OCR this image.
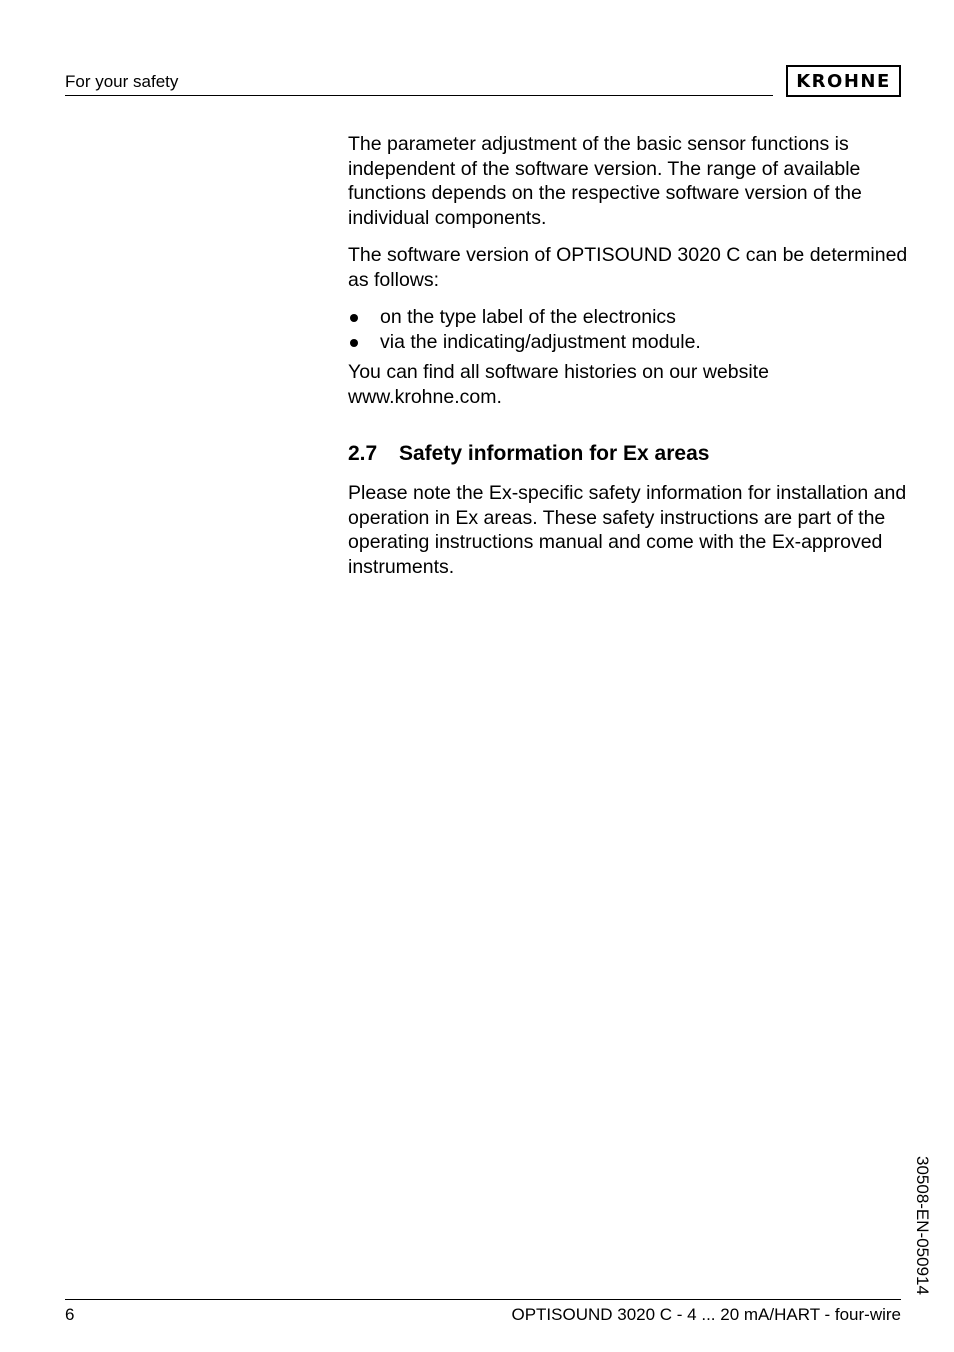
For your safety	KROHNE

The parameter adjustment of the basic sensor functions is independent of the software version. The range of available functions depends on the respective software version of the individual components.

The software version of OPTISOUND 3020 C can be determined as follows:

on the type label of the electronics
via the indicating/adjustment module.

You can find all software histories on our website www.krohne.com.

2.7 Safety information for Ex areas

Please note the Ex-specific safety information for installation and operation in Ex areas. These safety instructions are part of the operating instructions manual and come with the Ex-approved instruments.

30508-EN-050914
6	OPTISOUND 3020 C - 4 ... 20 mA/HART - four-wire
